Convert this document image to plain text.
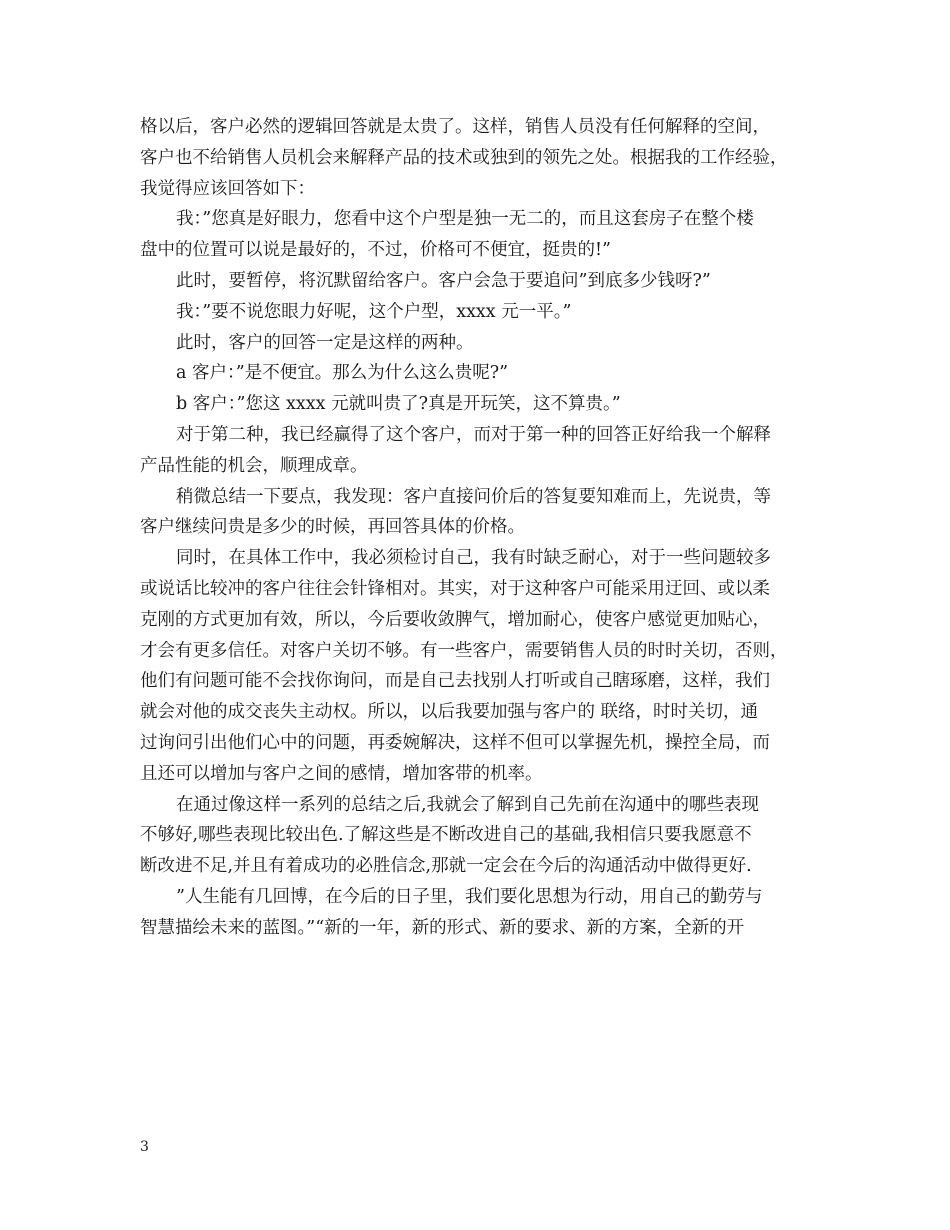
格以后，客户必然的逻辑回答就是太贵了。这样，销售人员没有任何解释的空间，
客户也不给销售人员机会来解释产品的技术或独到的领先之处。根据我的工作经验，
我觉得应该回答如下：
我：”您真是好眼力，您看中这个户型是独一无二的，而且这套房子在整个楼
盘中的位置可以说是最好的，不过，价格可不便宜，挺贵的!”
此时，要暂停，将沉默留给客户。客户会急于要追问”到底多少钱呀?”
我：”要不说您眼力好呢，这个户型，xxxx 元一平。”
此时，客户的回答一定是这样的两种。
a 客户：”是不便宜。那么为什么这么贵呢?”
b 客户：”您这 xxxx 元就叫贵了?真是开玩笑，这不算贵。”
对于第二种，我已经赢得了这个客户，而对于第一种的回答正好给我一个解释
产品性能的机会，顺理成章。
稍微总结一下要点，我发现：客户直接问价后的答复要知难而上，先说贵，等
客户继续问贵是多少的时候，再回答具体的价格。
同时，在具体工作中，我必须检讨自己，我有时缺乏耐心，对于一些问题较多
或说话比较冲的客户往往会针锋相对。其实，对于这种客户可能采用迂回、或以柔
克刚的方式更加有效，所以，今后要收敛脾气，增加耐心，使客户感觉更加贴心，
才会有更多信任。对客户关切不够。有一些客户，需要销售人员的时时关切，否则，
他们有问题可能不会找你询问，而是自己去找别人打听或自己瞎琢磨，这样，我们
就会对他的成交丧失主动权。所以，以后我要加强与客户的 联络，时时关切，通
过询问引出他们心中的问题，再委婉解决，这样不但可以掌握先机，操控全局，而
且还可以增加与客户之间的感情，增加客带的机率。
在通过像这样一系列的总结之后,我就会了解到自己先前在沟通中的哪些表现
不够好,哪些表现比较出色.了解这些是不断改进自己的基础,我相信只要我愿意不
断改进不足,并且有着成功的必胜信念,那就一定会在今后的沟通活动中做得更好.
”人生能有几回博，在今后的日子里，我们要化思想为行动，用自己的勤劳与
智慧描绘未来的蓝图。”“新的一年，新的形式、新的要求、新的方案，全新的开
3
